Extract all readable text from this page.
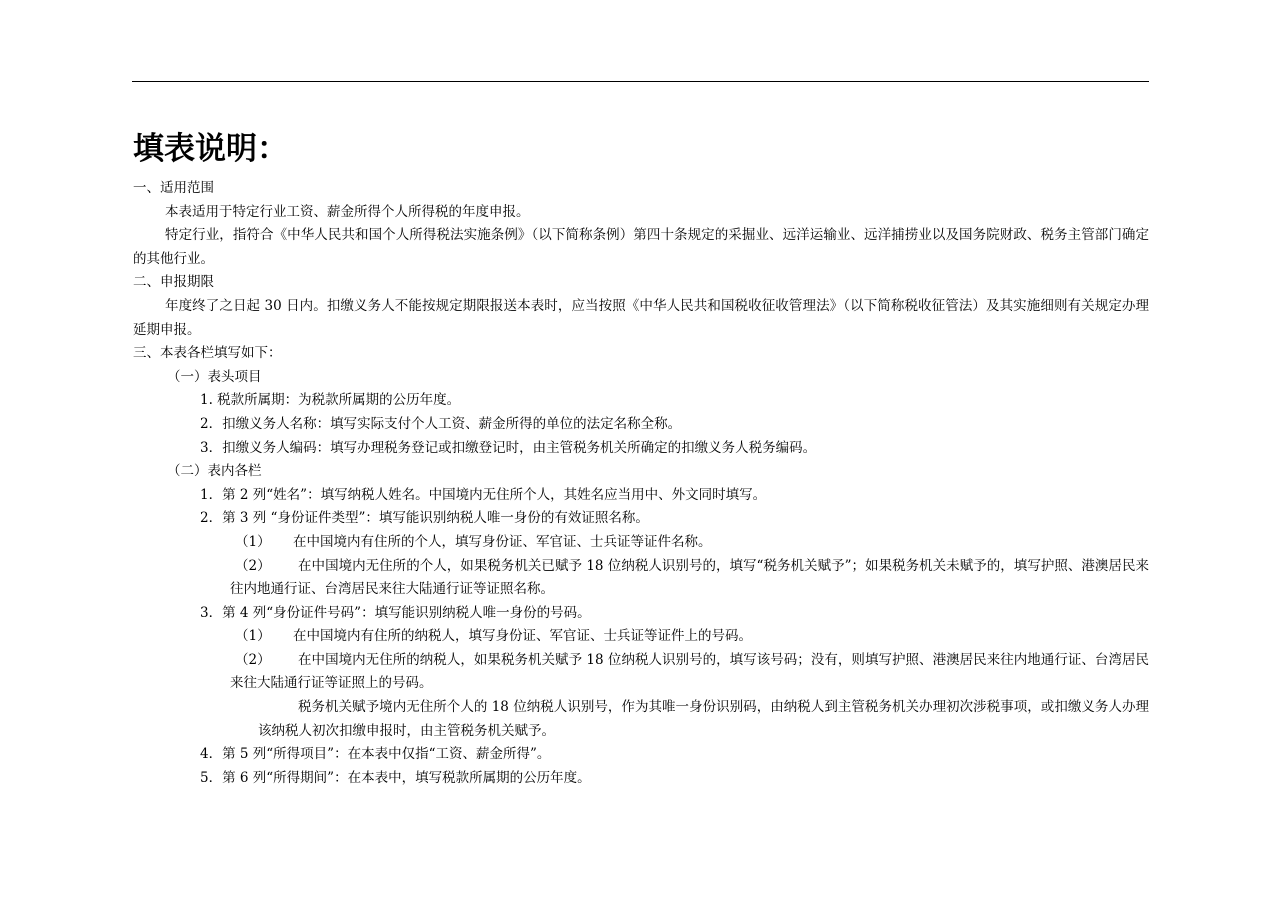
填表说明：

一、适用范围

本表适用于特定行业工资、薪金所得个人所得税的年度申报。

特定行业，指符合《中华人民共和国个人所得税法实施条例》（以下简称条例）第四十条规定的采掘业、远洋运输业、远洋捕捞业以及国务院财政、税务主管部门确定的其他行业。

二、申报期限

年度终了之日起 30 日内。扣缴义务人不能按规定期限报送本表时，应当按照《中华人民共和国税收征收管理法》（以下简称税收征管法）及其实施细则有关规定办理延期申报。

三、本表各栏填写如下：

（一）表头项目

1. 税款所属期：为税款所属期的公历年度。

2．扣缴义务人名称：填写实际支付个人工资、薪金所得的单位的法定名称全称。

3．扣缴义务人编码：填写办理税务登记或扣缴登记时，由主管税务机关所确定的扣缴义务人税务编码。

（二）表内各栏

1．第 2 列“姓名”：填写纳税人姓名。中国境内无住所个人，其姓名应当用中、外文同时填写。

2．第 3 列 “身份证件类型”：填写能识别纳税人唯一身份的有效证照名称。

（1） 在中国境内有住所的个人，填写身份证、军官证、士兵证等证件名称。

（2） 在中国境内无住所的个人，如果税务机关已赋予 18 位纳税人识别号的，填写“税务机关赋予”；如果税务机关未赋予的，填写护照、港澳居民来往内地通行证、台湾居民来往大陆通行证等证照名称。

3．第 4 列“身份证件号码”：填写能识别纳税人唯一身份的号码。

（1） 在中国境内有住所的纳税人，填写身份证、军官证、士兵证等证件上的号码。

（2） 在中国境内无住所的纳税人，如果税务机关赋予 18 位纳税人识别号的，填写该号码；没有，则填写护照、港澳居民来往内地通行证、台湾居民来往大陆通行证等证照上的号码。

税务机关赋予境内无住所个人的 18 位纳税人识别号，作为其唯一身份识别码，由纳税人到主管税务机关办理初次涉税事项，或扣缴义务人办理该纳税人初次扣缴申报时，由主管税务机关赋予。

4．第 5 列“所得项目”：在本表中仅指“工资、薪金所得”。

5．第 6 列“所得期间”：在本表中，填写税款所属期的公历年度。
